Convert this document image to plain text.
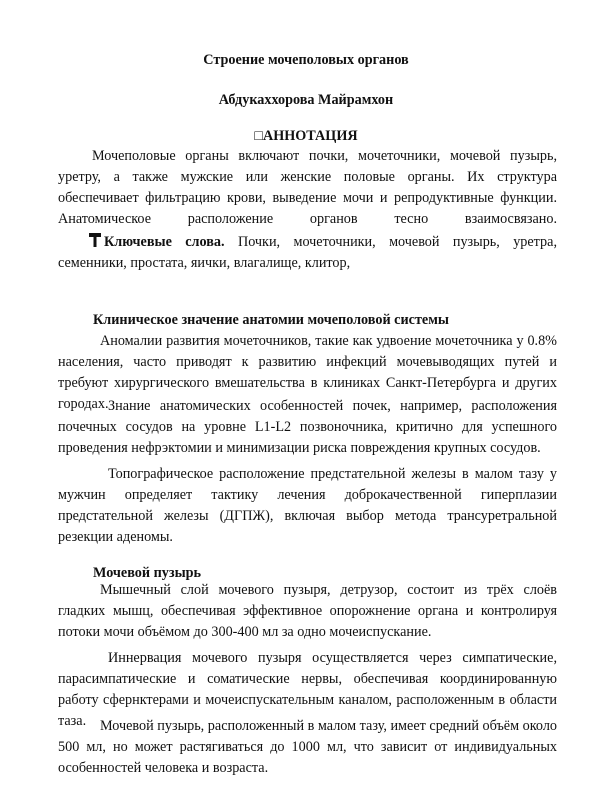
Строение мочеполовых органов

Абдукаххорова Майрамхон

□АННОТАЦИЯ

Мочеполовые органы включают почки, мочеточники, мочевой пузырь,

уретру, а также мужские или женские половые органы. Их структура обеспечивает фильтрацию крови, выведение мочи и репродуктивные функции. Анатомическое расположение органов тесно взаимосвязано.

Ключевые слова. Почки, мочеточники, мочевой пузырь, уретра, семенники, простата, яички, влагалище, клитор,

Клиническое значение анатомии мочеполовой системы

Аномалии развития мочеточников, такие как удвоение мочеточника у 0.8% населения, часто приводят к развитию инфекций мочевыводящих путей и требуют хирургического вмешательства в клиниках Санкт-Петербурга и других городах. Знание анатомических особенностей почек, например, расположения почечных сосудов на уровне L1-L2 позвоночника, критично для успешного проведения нефрэктомии и минимизации риска повреждения крупных сосудов.

Топографическое расположение предстательной железы в малом тазу у мужчин определяет тактику лечения доброкачественной гиперплазии предстательной железы (ДГПЖ), включая выбор метода трансуретральной резекции аденомы.

Мочевой пузырь

Мышечный слой мочевого пузыря, детрузор, состоит из трёх слоёв гладких мышц, обеспечивая эффективное опорожнение органа и контролируя потоки мочи объёмом до 300-400 мл за одно мочеиспускание.

Иннервация мочевого пузыря осуществляется через симпатические, парасимпатические и соматические нервы, обеспечивая координированную работу сфернктерами и мочеиспускательным каналом, расположенным в области таза. Мочевой пузырь, расположенный в малом тазу, имеет средний объём около 500 мл, но может растягиваться до 1000 мл, что зависит от индивидуальных особенностей человека и возраста.
